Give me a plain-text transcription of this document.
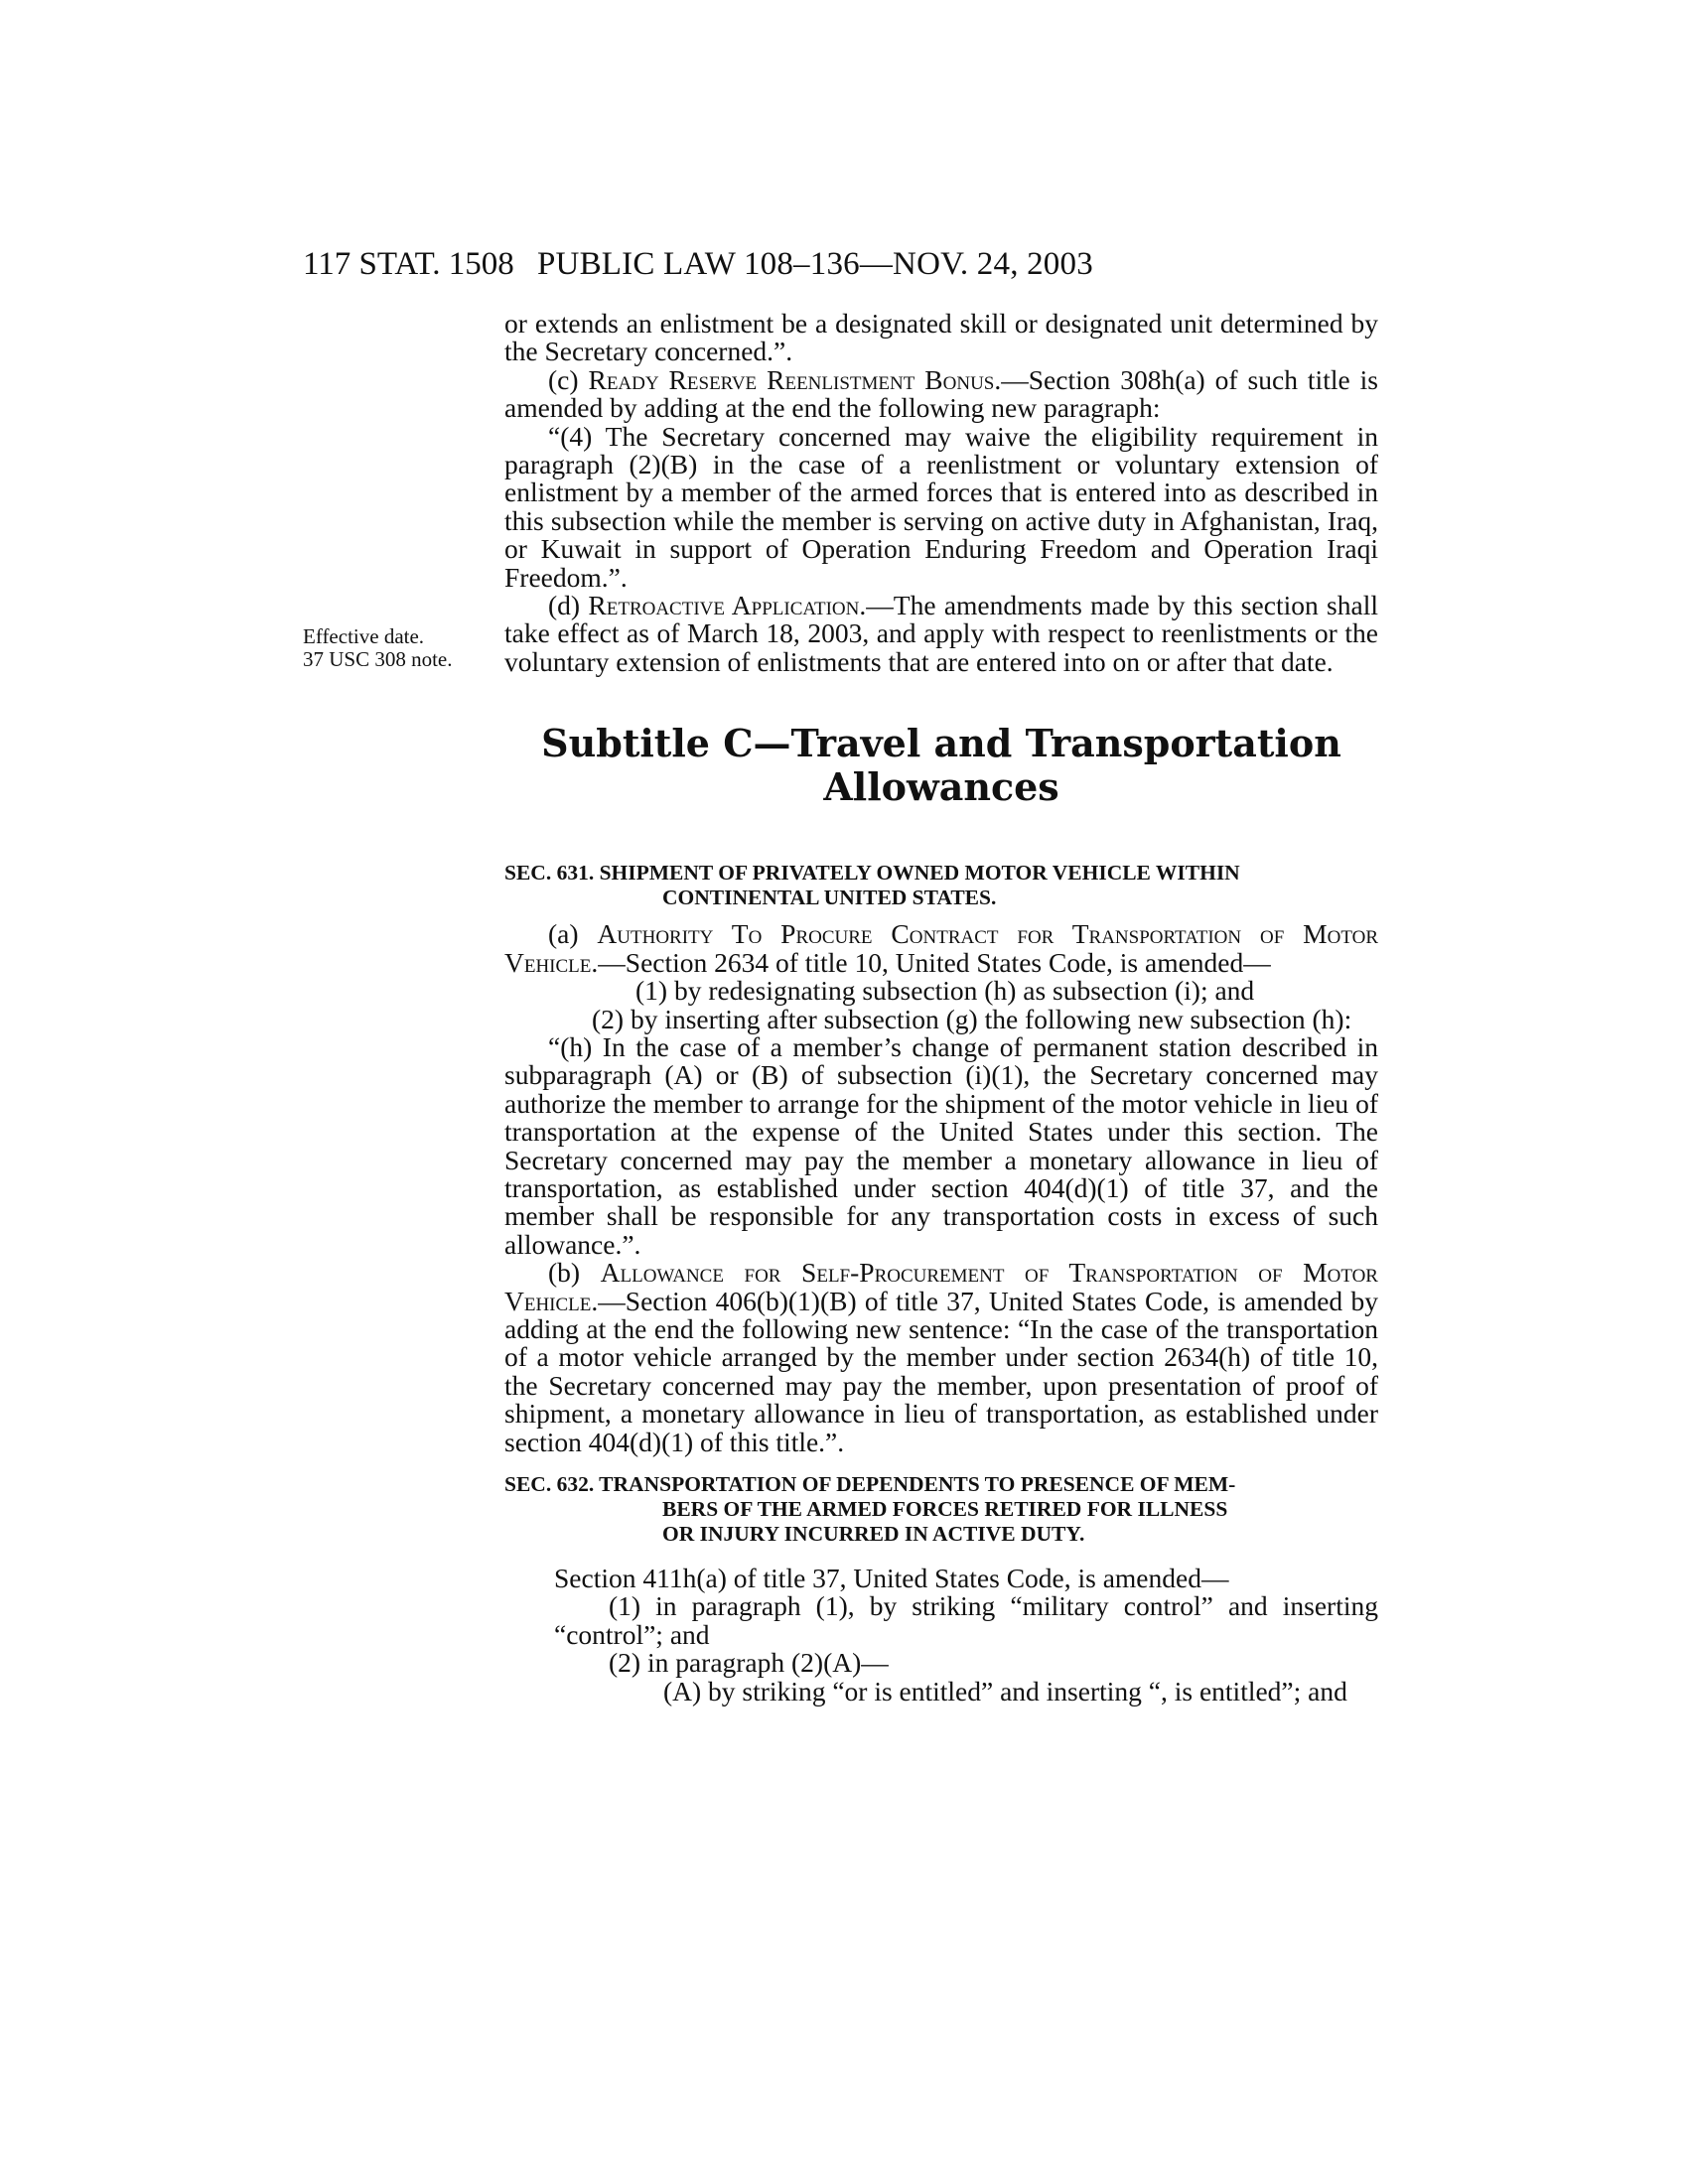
117 STAT. 1508 PUBLIC LAW 108–136—NOV. 24, 2003
Effective date.
37 USC 308 note.

or extends an enlistment be a designated skill or designated unit determined by the Secretary concerned.”.

(c) Ready Reserve Reenlistment Bonus.—Section 308h(a) of such title is amended by adding at the end the following new paragraph:

“(4) The Secretary concerned may waive the eligibility requirement in paragraph (2)(B) in the case of a reenlistment or voluntary extension of enlistment by a member of the armed forces that is entered into as described in this subsection while the member is serving on active duty in Afghanistan, Iraq, or Kuwait in support of Operation Enduring Freedom and Operation Iraqi Freedom.”.

(d) Retroactive Application.—The amendments made by this section shall take effect as of March 18, 2003, and apply with respect to reenlistments or the voluntary extension of enlistments that are entered into on or after that date.

Subtitle C—Travel and Transportation
Allowances
SEC. 631. SHIPMENT OF PRIVATELY OWNED MOTOR VEHICLE WITHIN
CONTINENTAL UNITED STATES.

(a) Authority To Procure Contract for Transportation of Motor Vehicle.—Section 2634 of title 10, United States Code, is amended—

(1) by redesignating subsection (h) as subsection (i); and

(2) by inserting after subsection (g) the following new subsection (h):

“(h) In the case of a member’s change of permanent station described in subparagraph (A) or (B) of subsection (i)(1), the Secretary concerned may authorize the member to arrange for the shipment of the motor vehicle in lieu of transportation at the expense of the United States under this section. The Secretary concerned may pay the member a monetary allowance in lieu of transportation, as established under section 404(d)(1) of title 37, and the member shall be responsible for any transportation costs in excess of such allowance.”.

(b) Allowance for Self-Procurement of Transportation of Motor Vehicle.—Section 406(b)(1)(B) of title 37, United States Code, is amended by adding at the end the following new sentence: “In the case of the transportation of a motor vehicle arranged by the member under section 2634(h) of title 10, the Secretary concerned may pay the member, upon presentation of proof of shipment, a monetary allowance in lieu of transportation, as established under section 404(d)(1) of this title.”.

SEC. 632. TRANSPORTATION OF DEPENDENTS TO PRESENCE OF MEM-
BERS OF THE ARMED FORCES RETIRED FOR ILLNESS
OR INJURY INCURRED IN ACTIVE DUTY.

Section 411h(a) of title 37, United States Code, is amended—

(1) in paragraph (1), by striking “military control” and inserting “control”; and

(2) in paragraph (2)(A)—

(A) by striking “or is entitled” and inserting “, is entitled”; and
